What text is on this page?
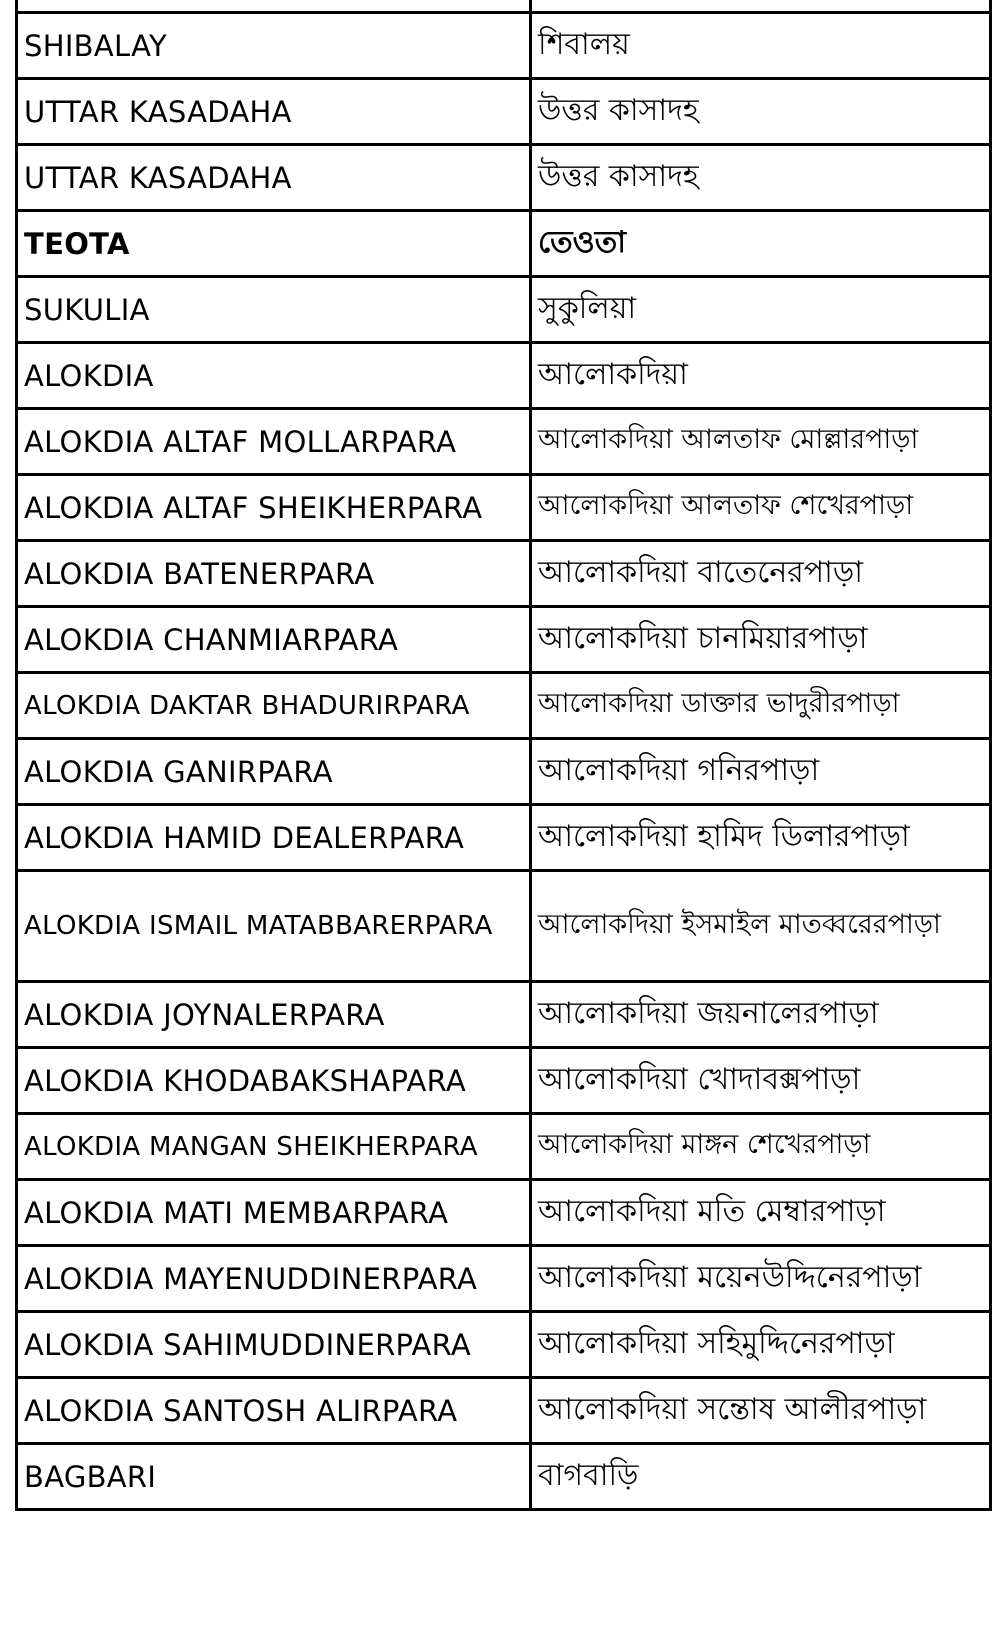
SHIBALAY	শিবালয়
UTTAR KASADAHA	উত্তর কাসাদহ
UTTAR KASADAHA	উত্তর কাসাদহ
TEOTA	তেওতা
SUKULIA	সুকুলিয়া
ALOKDIA	আলোকদিয়া
ALOKDIA ALTAF MOLLARPARA	আলোকদিয়া আলতাফ মোল্লারপাড়া
ALOKDIA ALTAF SHEIKHERPARA	আলোকদিয়া আলতাফ শেখেরপাড়া
ALOKDIA BATENERPARA	আলোকদিয়া বাতেনেরপাড়া
ALOKDIA CHANMIARPARA	আলোকদিয়া চানমিয়ারপাড়া
ALOKDIA DAKTAR BHADURIRPARA	আলোকদিয়া ডাক্তার ভাদুরীরপাড়া
ALOKDIA GANIRPARA	আলোকদিয়া গনিরপাড়া
ALOKDIA HAMID DEALERPARA	আলোকদিয়া হামিদ ডিলারপাড়া
ALOKDIA ISMAIL MATABBARERPARA	আলোকদিয়া ইসমাইল মাতব্বরেরপাড়া
ALOKDIA JOYNALERPARA	আলোকদিয়া জয়নালেরপাড়া
ALOKDIA KHODABAKSHAPARA	আলোকদিয়া খোদাবক্সপাড়া
ALOKDIA MANGAN SHEIKHERPARA	আলোকদিয়া মাঙ্গন শেখেরপাড়া
ALOKDIA MATI MEMBARPARA	আলোকদিয়া মতি মেম্বারপাড়া
ALOKDIA MAYENUDDINERPARA	আলোকদিয়া ময়েনউদ্দিনেরপাড়া
ALOKDIA SAHIMUDDINERPARA	আলোকদিয়া সহিমুদ্দিনেরপাড়া
ALOKDIA SANTOSH ALIRPARA	আলোকদিয়া সন্তোষ আলীরপাড়া
BAGBARI	বাগবাড়ি
